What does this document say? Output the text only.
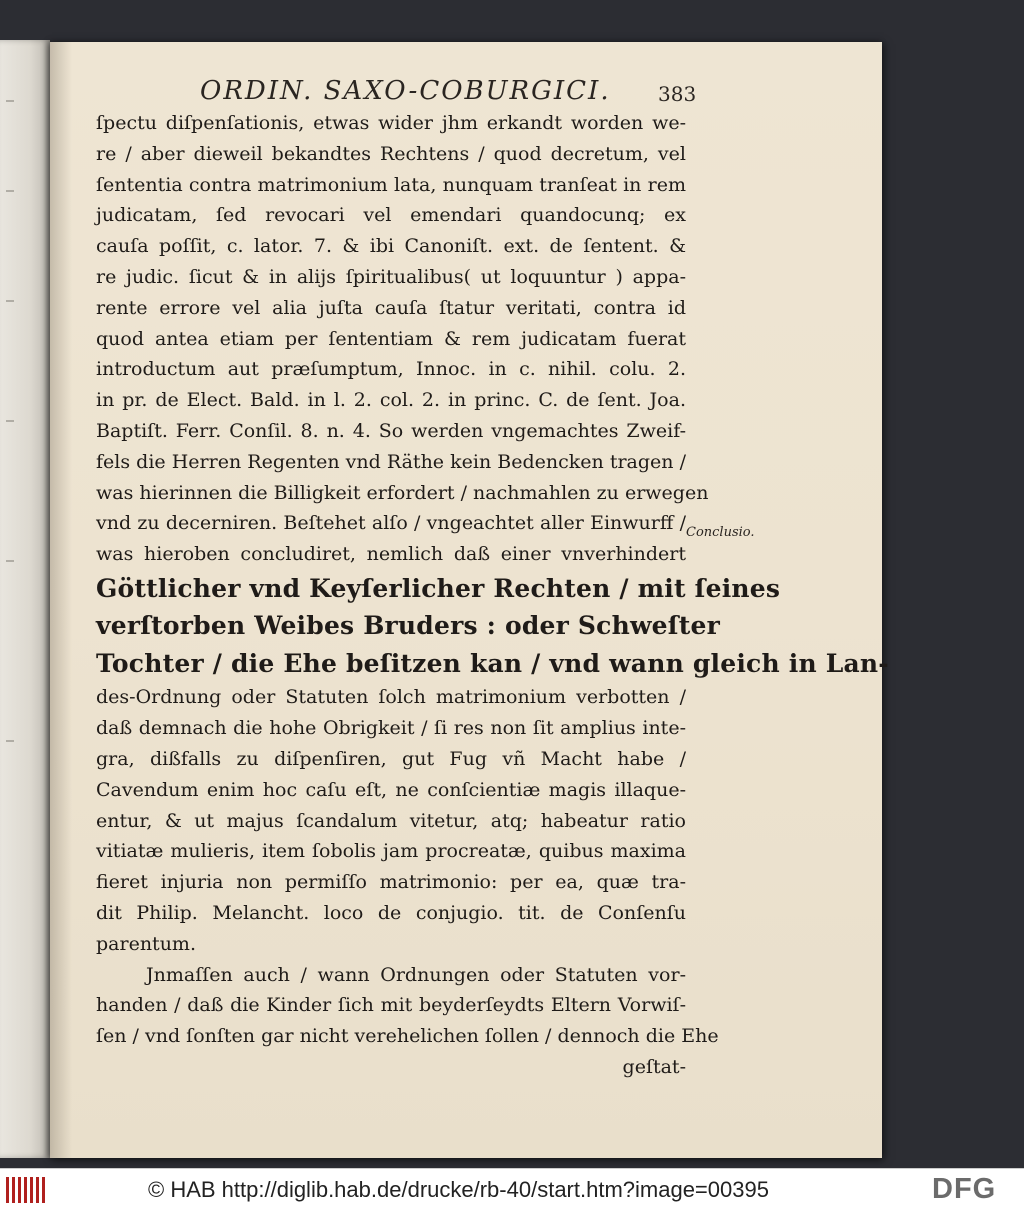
ORDIN. SAXO-COBURGICI.	383
ſpectu diſpenſationis, etwas wider jhm erkandt worden we-
re / aber dieweil bekandtes Rechtens / quod decretum, vel
ſententia contra matrimonium lata, nunquam tranſeat in rem
judicatam, ſed revocari vel emendari quandocunq; ex
cauſa poſſit, c. lator. 7. & ibi Canoniſt. ext. de ſentent. &
re judic. ſicut & in alijs ſpiritualibus( ut loquuntur ) appa-
rente errore vel alia juſta cauſa ſtatur veritati, contra id
quod antea etiam per ſententiam & rem judicatam fuerat
introductum aut præſumptum, Innoc. in c. nihil. colu. 2.
in pr. de Elect. Bald. in l. 2. col. 2. in princ. C. de ſent. Joa.
Baptiſt. Ferr. Conſil. 8. n. 4. So werden vngemachtes Zweif-
fels die Herren Regenten vnd Räthe kein Bedencken tragen /
was hierinnen die Billigkeit erfordert / nachmahlen zu erwegen
vnd zu decerniren. Beſtehet alſo / vngeachtet aller Einwurff /
was hieroben concludiret, nemlich daß einer vnverhindert
Göttlicher vnd Keyſerlicher Rechten / mit ſeines
verſtorben Weibes Bruders : oder Schweſter
Tochter / die Ehe beſitzen kan / vnd wann gleich in Lan-
des-Ordnung oder Statuten ſolch matrimonium verbotten /
daß demnach die hohe Obrigkeit / ſi res non ſit amplius inte-
gra, dißfalls zu diſpenſiren, gut Fug vñ Macht habe /
Cavendum enim hoc caſu eſt, ne conſcientiæ magis illaque-
entur, & ut majus ſcandalum vitetur, atq; habeatur ratio
vitiatæ mulieris, item ſobolis jam procreatæ, quibus maxima
fieret injuria non permiſſo matrimonio: per ea, quæ tra-
dit Philip. Melancht. loco de conjugio. tit. de Conſenſu
parentum.
Jnmaſſen auch / wann Ordnungen oder Statuten vor-
handen / daß die Kinder ſich mit beyderſeydts Eltern Vorwiſ-
ſen / vnd ſonſten gar nicht verehelichen ſollen / dennoch die Ehe
geſtat-
Conclusio.
© HAB http://diglib.hab.de/drucke/rb-40/start.htm?image=00395	DFG
